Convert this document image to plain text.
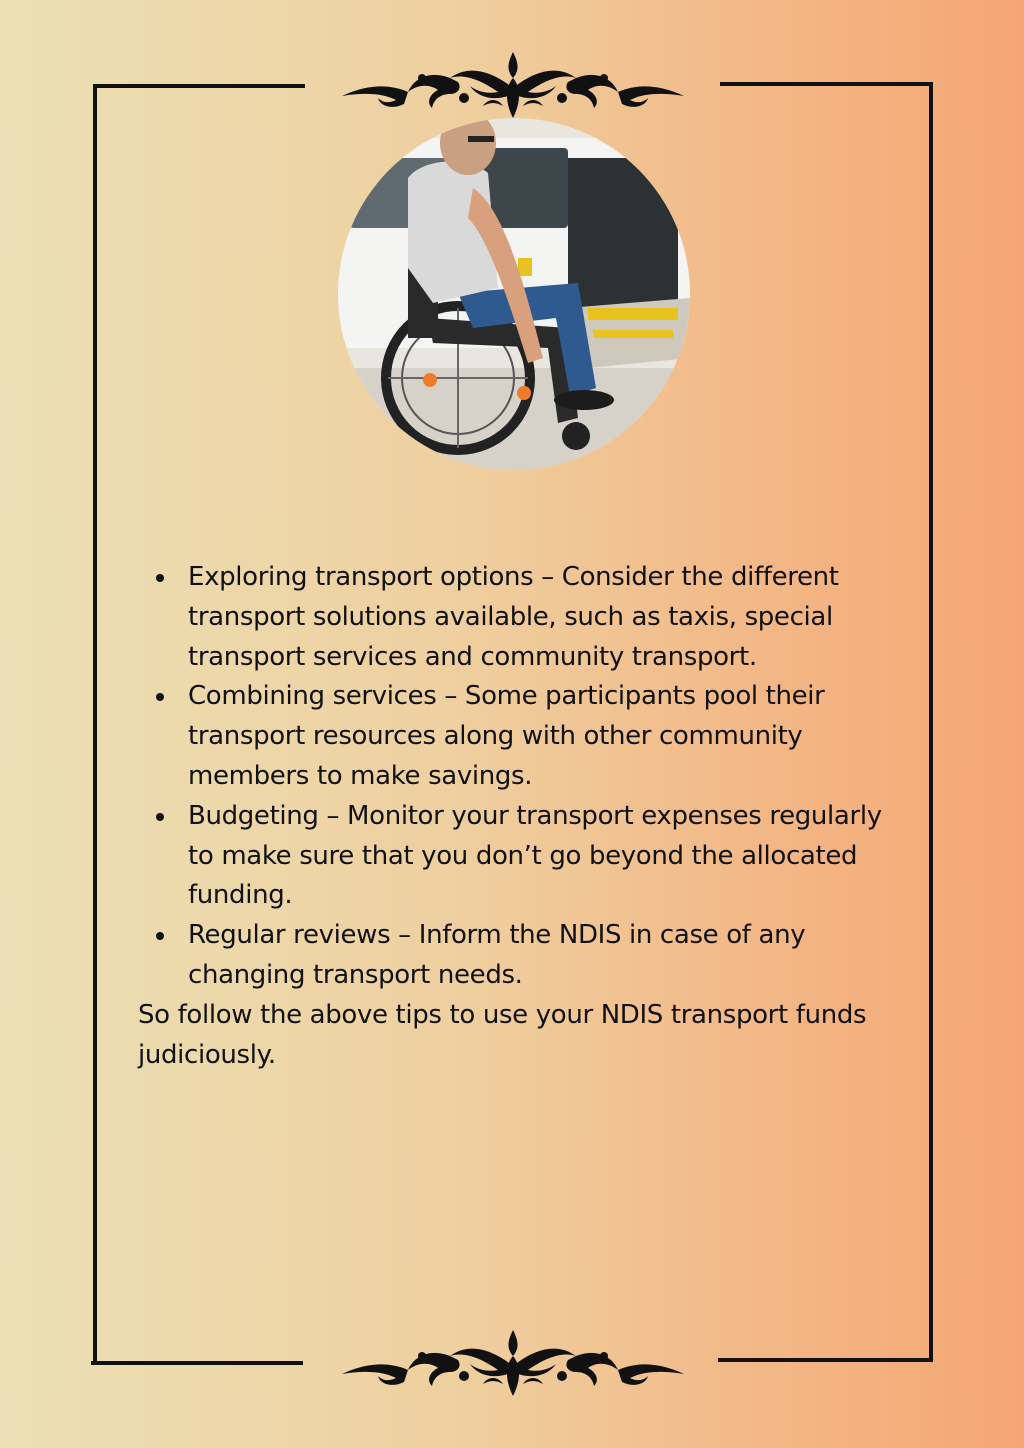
Exploring transport options – Consider the different transport solutions available, such as taxis, special transport services and community transport.
Combining services – Some participants pool their transport resources along with other community members to make savings.
Budgeting – Monitor your transport expenses regularly to make sure that you don’t go beyond the allocated funding.
Regular reviews – Inform the NDIS in case of any changing transport needs.

So follow the above tips to use your NDIS transport funds judiciously.
